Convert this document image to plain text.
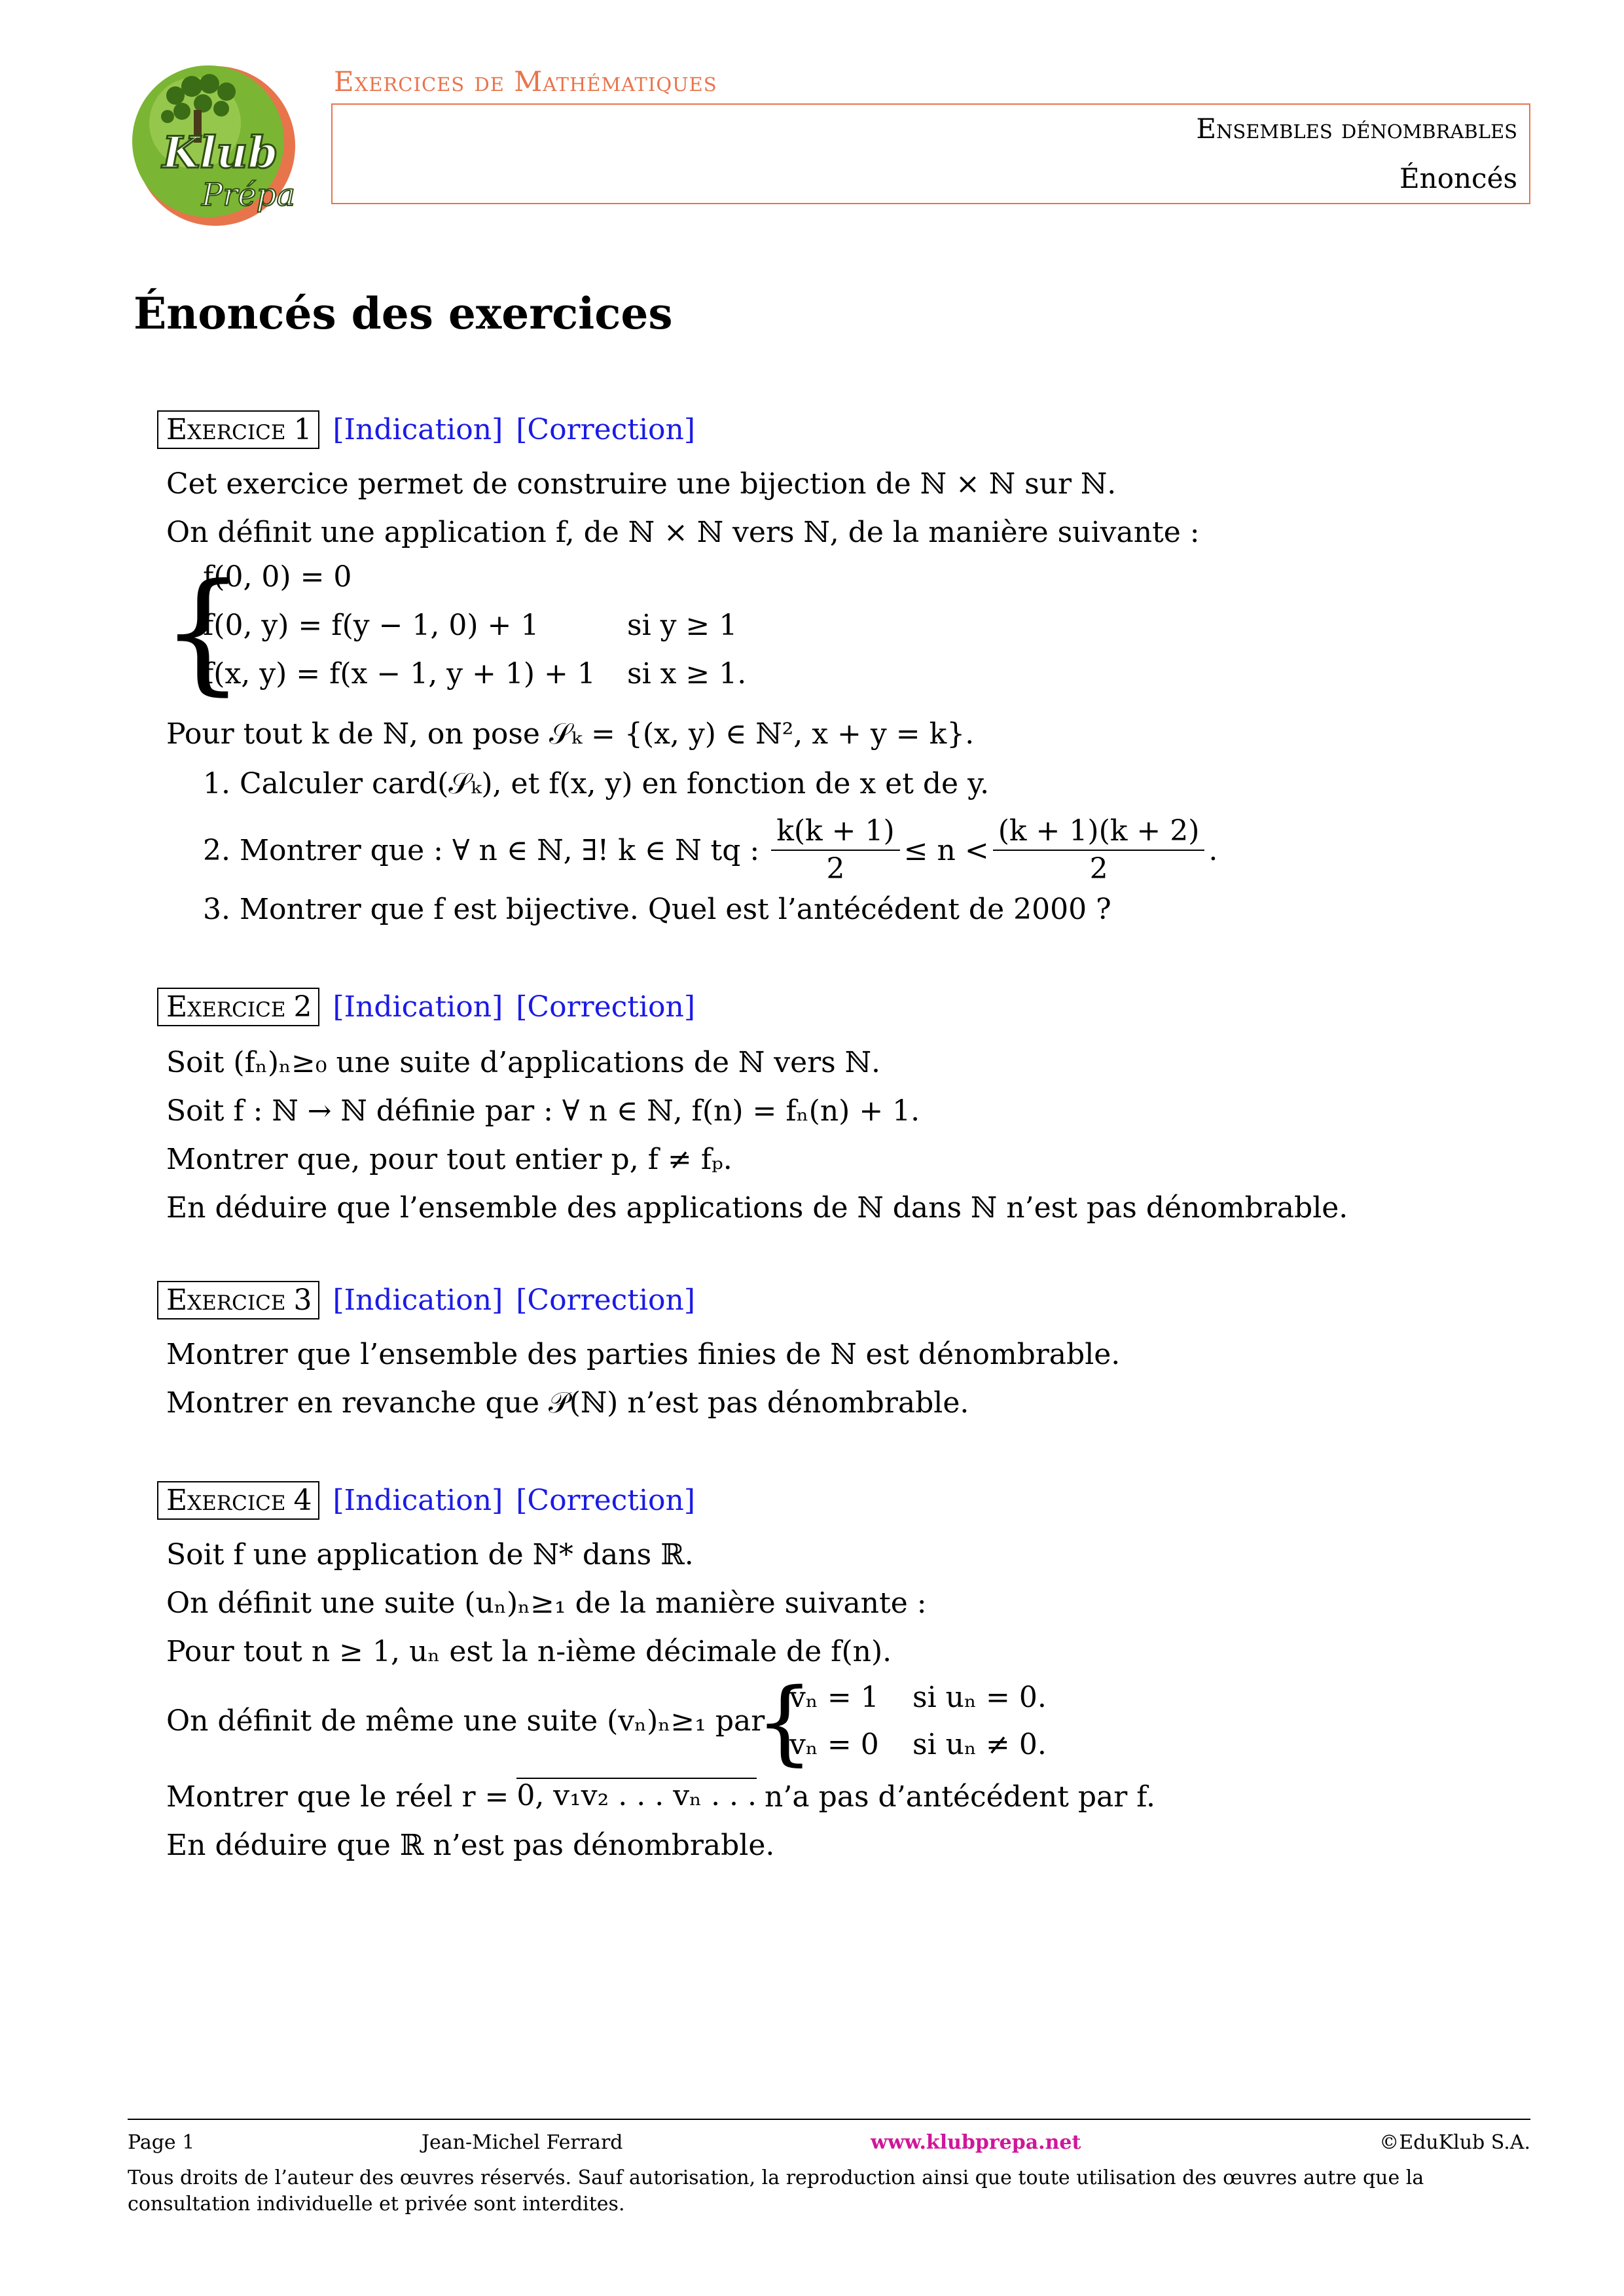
Klub
Prépa
Exercices de Mathématiques
Ensembles dénombrables
Énoncés
Énoncés des exercices
Exercice 1 [Indication] [Correction]
Cet exercice permet de construire une bijection de ℕ × ℕ sur ℕ.
On définit une application f, de ℕ × ℕ vers ℕ, de la manière suivante :
{
f(0, 0) = 0
f(0, y) = f(y − 1, 0) + 1	si y ≥ 1
f(x, y) = f(x − 1, y + 1) + 1 si x ≥ 1.
Pour tout k de ℕ, on pose 𝒮ₖ = {(x, y) ∈ ℕ², x + y = k}.
1. Calculer card(𝒮ₖ), et f(x, y) en fonction de x et de y.
2. Montrer que : ∀ n ∈ ℕ, ∃! k ∈ ℕ tq : $\frac{k(k + 1)}{2} \le n < \frac{(k + 1)(k + 2)}{2}$ .
3. Montrer que f est bijective. Quel est l’antécédent de 2000 ?
Exercice 2 [Indication] [Correction]
Soit (fₙ)ₙ≥₀ une suite d’applications de ℕ vers ℕ.
Soit f : ℕ → ℕ définie par : ∀ n ∈ ℕ, f(n) = fₙ(n) + 1.
Montrer que, pour tout entier p, f ≠ fₚ.
En déduire que l’ensemble des applications de ℕ dans ℕ n’est pas dénombrable.
Exercice 3 [Indication] [Correction]
Montrer que l’ensemble des parties finies de ℕ est dénombrable.
Montrer en revanche que 𝒫(ℕ) n’est pas dénombrable.
Exercice 4 [Indication] [Correction]
Soit f une application de ℕ* dans ℝ.
On définit une suite (uₙ)ₙ≥₁ de la manière suivante :
Pour tout n ≥ 1, uₙ est la n-ième décimale de f(n).
On définit de même une suite (vₙ)ₙ≥₁ par
{
vₙ = 1 si uₙ = 0.
vₙ = 0 si uₙ ≠ 0.
Montrer que le réel r = 0, v₁v₂ . . . vₙ . . . n’a pas d’antécédent par f.
En déduire que ℝ n’est pas dénombrable.
Page 1	Jean-Michel Ferrard	www.klubprepa.net	©EduKlub S.A.
Tous droits de l’auteur des œuvres réservés. Sauf autorisation, la reproduction ainsi que toute utilisation des œuvres autre que la consultation individuelle et privée sont interdites.
